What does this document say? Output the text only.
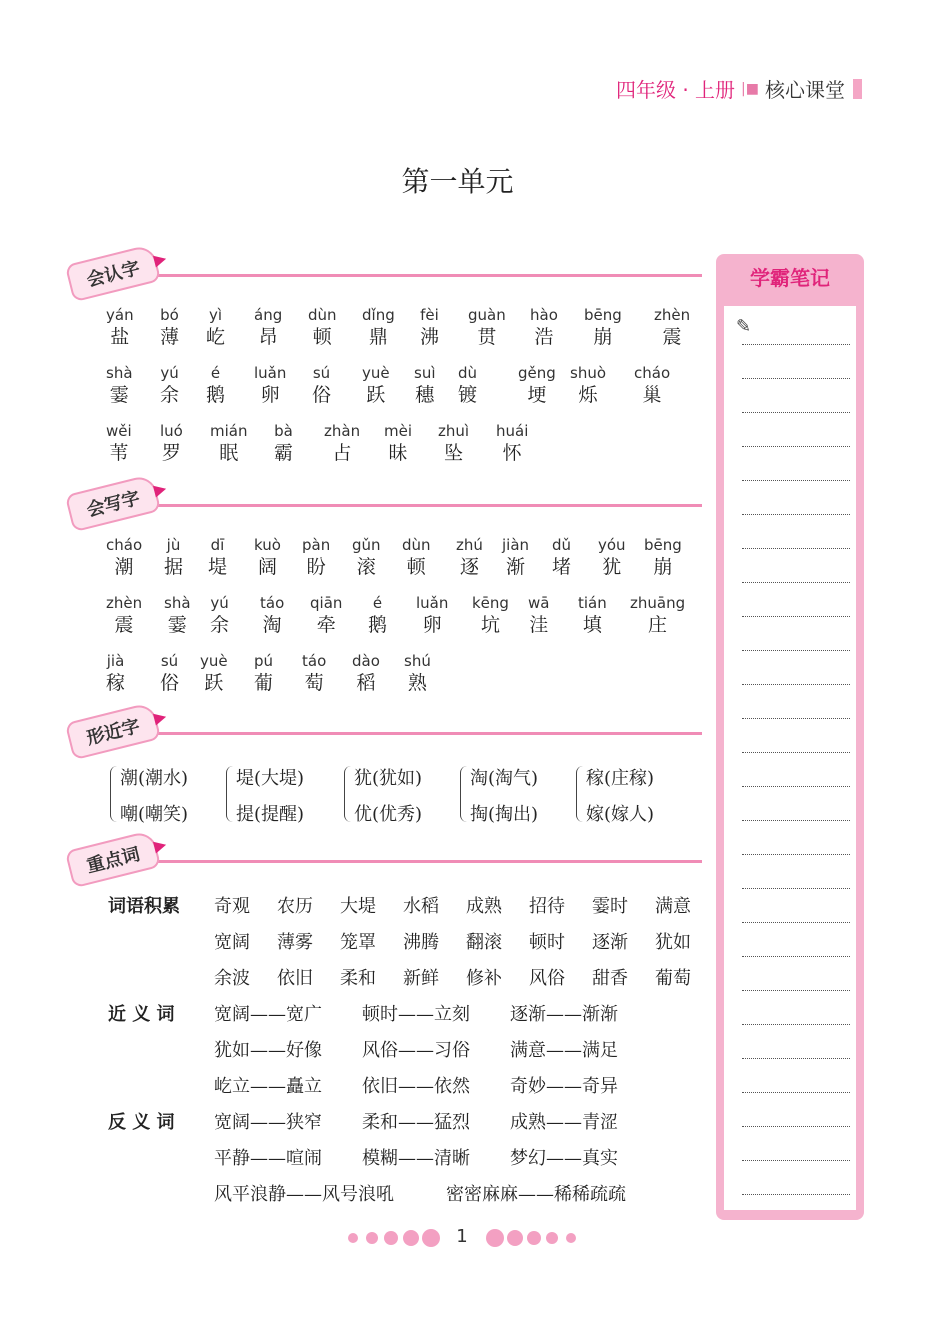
四年级 · 上册 |■ 核心课堂
第一单元
会认字
会写字
形近字
重点词
yán
盐
bó
薄
yì
屹
áng
昂
dùn
顿
dǐng
鼎
fèi
沸
guàn
贯
hào
浩
bēng
崩
zhèn
震
shà
霎
yú
余
é
鹅
luǎn
卵
sú
俗
yuè
跃
suì
穗
dù
镀
gěng
埂
shuò
烁
cháo
巢
wěi
苇
luó
罗
mián
眠
bà
霸
zhàn
占
mèi
昧
zhuì
坠
huái
怀
cháo
潮
jù
据
dī
堤
kuò
阔
pàn
盼
gǔn
滚
dùn
顿
zhú
逐
jiàn
渐
dǔ
堵
yóu
犹
bēng
崩
zhèn
震
shà
霎
yú
余
táo
淘
qiān
牵
é
鹅
luǎn
卵
kēng
坑
wā
洼
tián
填
zhuāng
庄
jià
稼
sú
俗
yuè
跃
pú
葡
táo
萄
dào
稻
shú
熟
潮(潮水)
嘲(嘲笑)
堤(大堤)
提(提醒)
犹(犹如)
优(优秀)
淘(淘气)
掏(掏出)
稼(庄稼)
嫁(嫁人)
词语积累 奇观 农历 大堤 水稻 成熟 招待 霎时 满意
宽阔 薄雾 笼罩 沸腾 翻滚 顿时 逐渐 犹如
余波 依旧 柔和 新鲜 修补 风俗 甜香 葡萄
近 义 词 宽阔——宽广 顿时——立刻 逐渐——渐渐
犹如——好像 风俗——习俗 满意——满足
屹立——矗立 依旧——依然 奇妙——奇异
反 义 词 宽阔——狭窄 柔和——猛烈 成熟——青涩
平静——喧闹 模糊——清晰 梦幻——真实
风平浪静——风号浪吼	密密麻麻——稀稀疏疏
学霸笔记
✎
1
